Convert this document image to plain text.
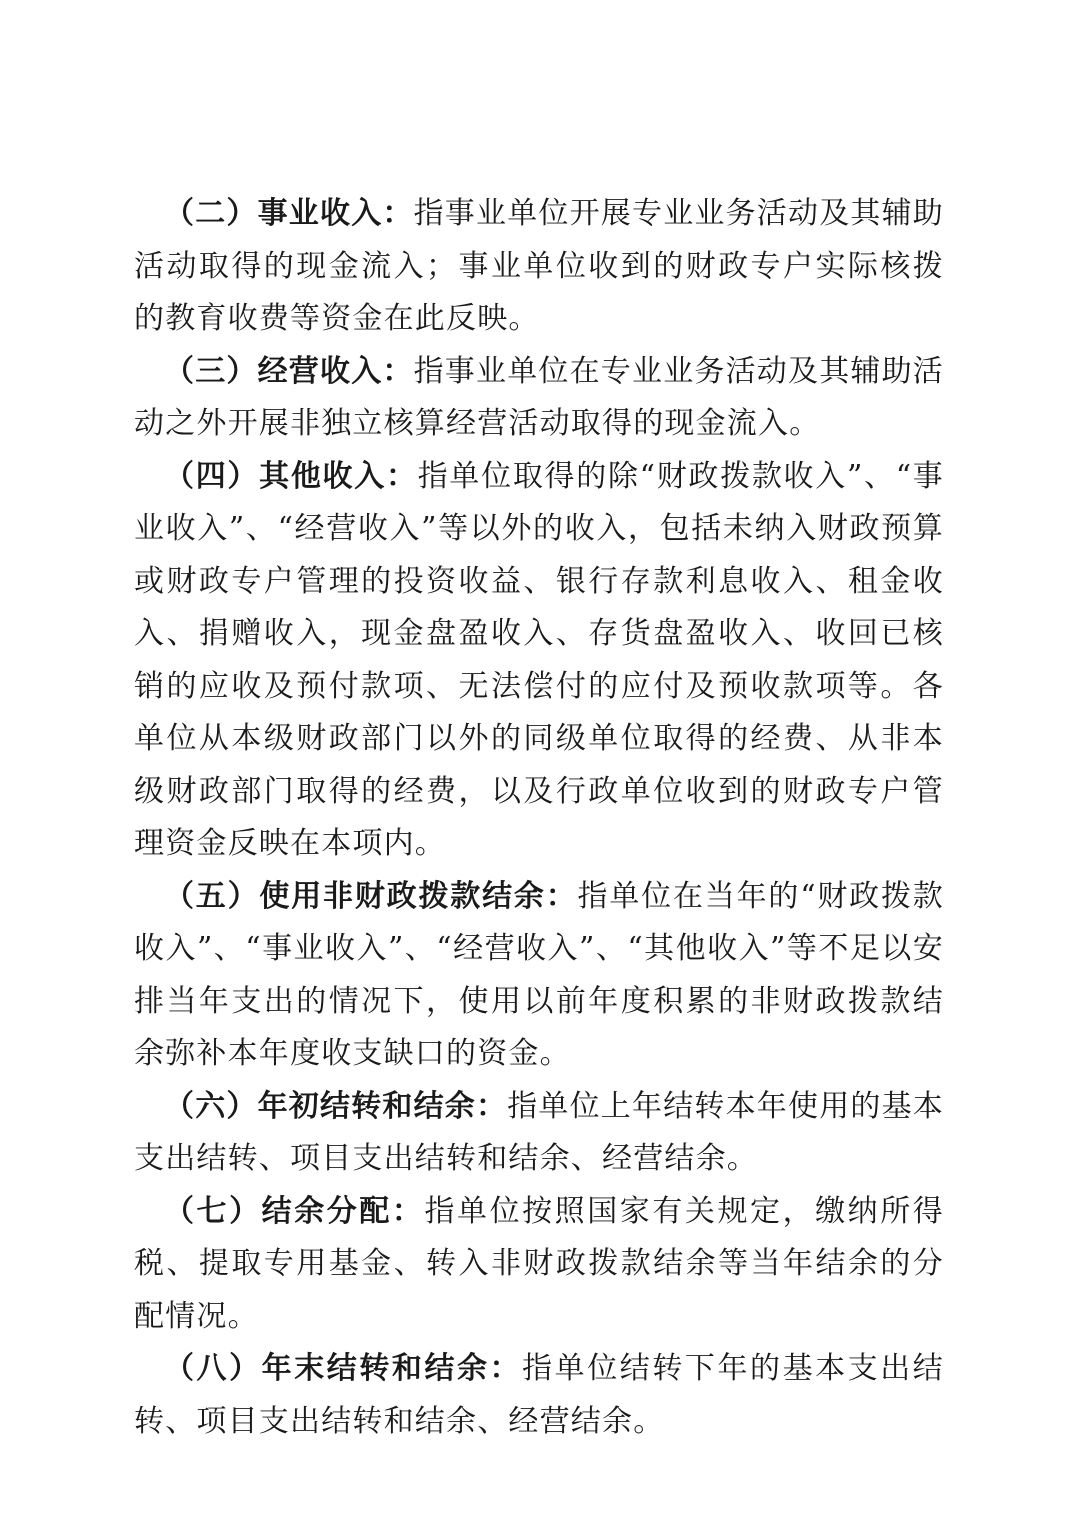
（二）事业收入：指事业单位开展专业业务活动及其辅助活动取得的现金流入；事业单位收到的财政专户实际核拨的教育收费等资金在此反映。

（三）经营收入：指事业单位在专业业务活动及其辅助活动之外开展非独立核算经营活动取得的现金流入。

（四）其他收入：指单位取得的除“财政拨款收入”、“事业收入”、“经营收入”等以外的收入，包括未纳入财政预算或财政专户管理的投资收益、银行存款利息收入、租金收入、捐赠收入，现金盘盈收入、存货盘盈收入、收回已核销的应收及预付款项、无法偿付的应付及预收款项等。各单位从本级财政部门以外的同级单位取得的经费、从非本级财政部门取得的经费，以及行政单位收到的财政专户管理资金反映在本项内。

（五）使用非财政拨款结余：指单位在当年的“财政拨款收入”、“事业收入”、“经营收入”、“其他收入”等不足以安排当年支出的情况下，使用以前年度积累的非财政拨款结余弥补本年度收支缺口的资金。

（六）年初结转和结余：指单位上年结转本年使用的基本支出结转、项目支出结转和结余、经营结余。

（七）结余分配：指单位按照国家有关规定，缴纳所得税、提取专用基金、转入非财政拨款结余等当年结余的分配情况。

（八）年末结转和结余：指单位结转下年的基本支出结转、项目支出结转和结余、经营结余。
